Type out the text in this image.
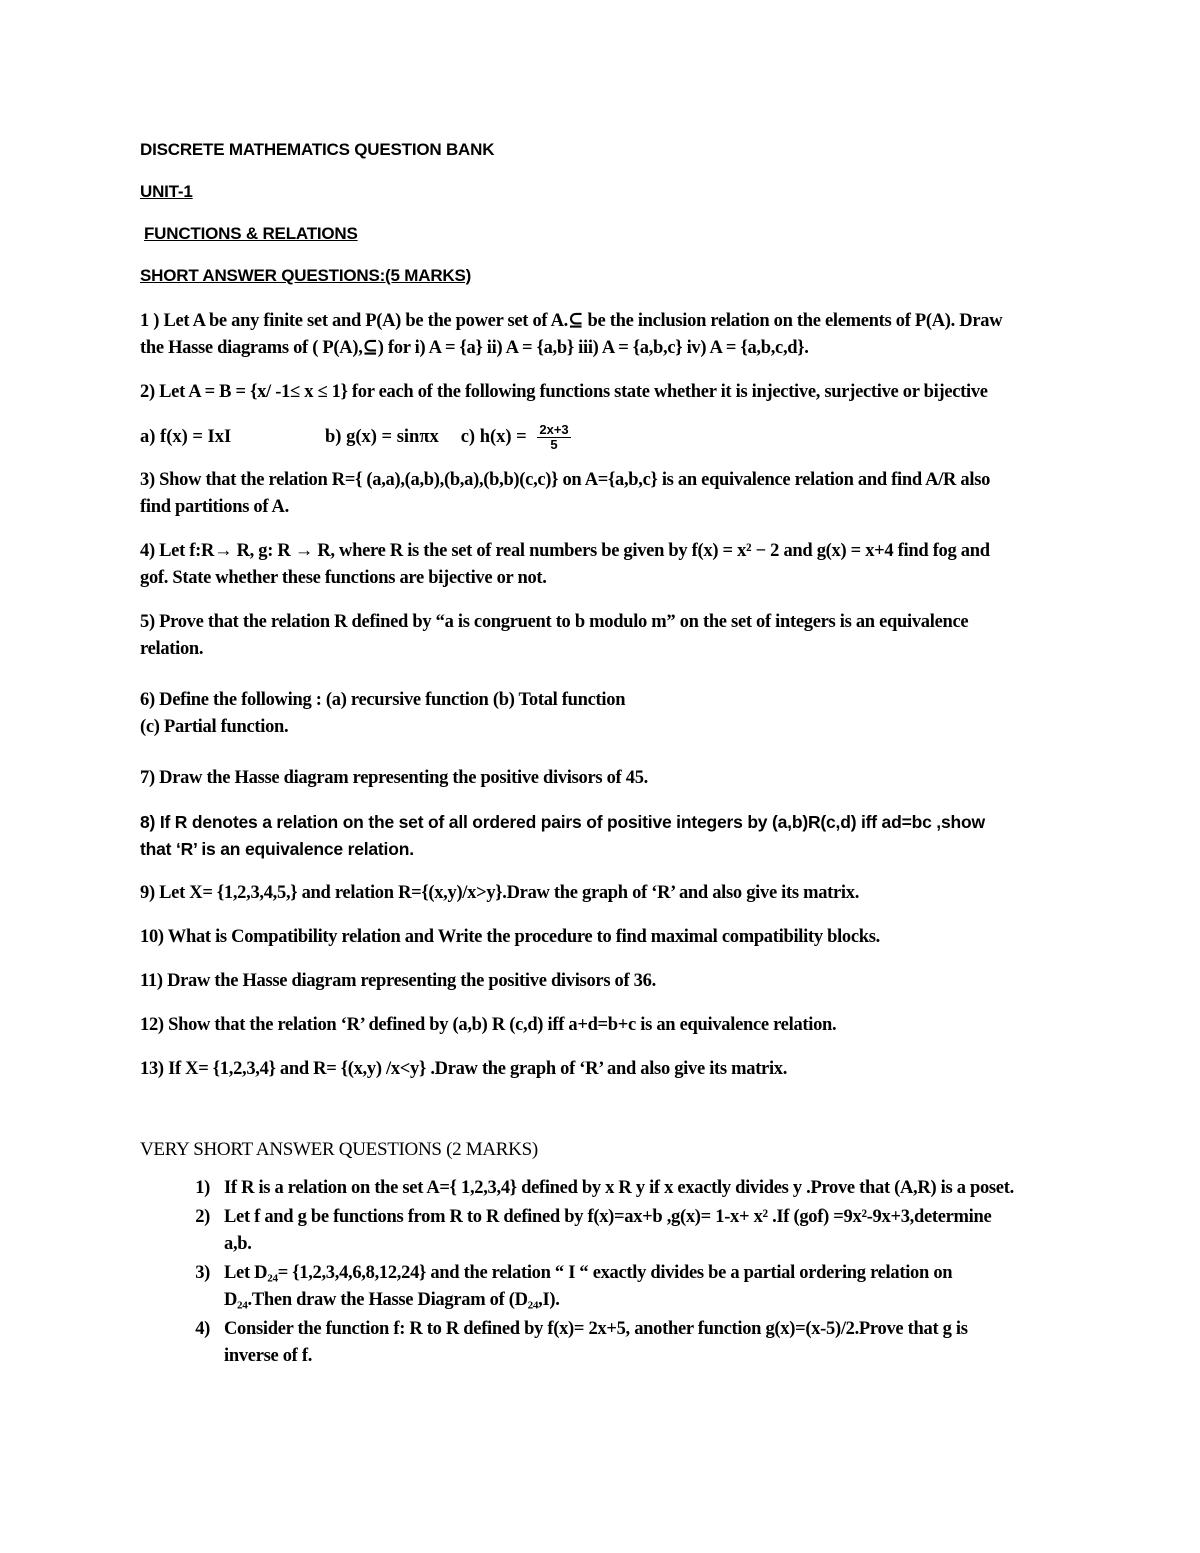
DISCRETE MATHEMATICS QUESTION BANK
UNIT-1
FUNCTIONS & RELATIONS
SHORT ANSWER QUESTIONS:(5 MARKS)

1 ) Let A be any finite set and P(A) be the power set of A.⊆ be the inclusion relation on the elements of P(A). Draw the Hasse diagrams of ( P(A),⊆) for i) A = {a} ii) A = {a,b} iii) A = {a,b,c} iv) A = {a,b,c,d}.

2) Let A = B = {x/ -1≤ x ≤ 1} for each of the following functions state whether it is injective, surjective or bijective

a) f(x) = IxI	b) g(x) = sinπx c) $h(x) = \frac{2x+3}{5}$

3) Show that the relation R={ (a,a),(a,b),(b,a),(b,b)(c,c)} on A={a,b,c} is an equivalence relation and find A/R also find partitions of A.

4) Let f:R→ R, g: R → R, where R is the set of real numbers be given by f(x) = x² − 2 and g(x) = x+4 find fog and gof. State whether these functions are bijective or not.

5) Prove that the relation R defined by “a is congruent to b modulo m” on the set of integers is an equivalence relation.

6) Define the following : (a) recursive function (b) Total function
(c) Partial function.

7) Draw the Hasse diagram representing the positive divisors of 45.

8) If R denotes a relation on the set of all ordered pairs of positive integers by (a,b)R(c,d) iff ad=bc ,show that ‘R’ is an equivalence relation.

9) Let X= {1,2,3,4,5,} and relation R={(x,y)/x>y}.Draw the graph of ‘R’ and also give its matrix.

10) What is Compatibility relation and Write the procedure to find maximal compatibility blocks.

11) Draw the Hasse diagram representing the positive divisors of 36.

12) Show that the relation ‘R’ defined by (a,b) R (c,d) iff a+d=b+c is an equivalence relation.

13) If X= {1,2,3,4} and R= {(x,y) /x<y} .Draw the graph of ‘R’ and also give its matrix.

VERY SHORT ANSWER QUESTIONS (2 MARKS)
1) If R is a relation on the set A={ 1,2,3,4} defined by x R y if x exactly divides y .Prove that (A,R) is a poset.
2) Let f and g be functions from R to R defined by f(x)=ax+b ,g(x)= 1-x+ x² .If (gof) =9x²-9x+3,determine a,b.
3) Let D₂₄= {1,2,3,4,6,8,12,24} and the relation “ I “ exactly divides be a partial ordering relation on D₂₄.Then draw the Hasse Diagram of (D₂₄,I).
4) Consider the function f: R to R defined by f(x)= 2x+5, another function g(x)=(x-5)/2.Prove that g is inverse of f.
